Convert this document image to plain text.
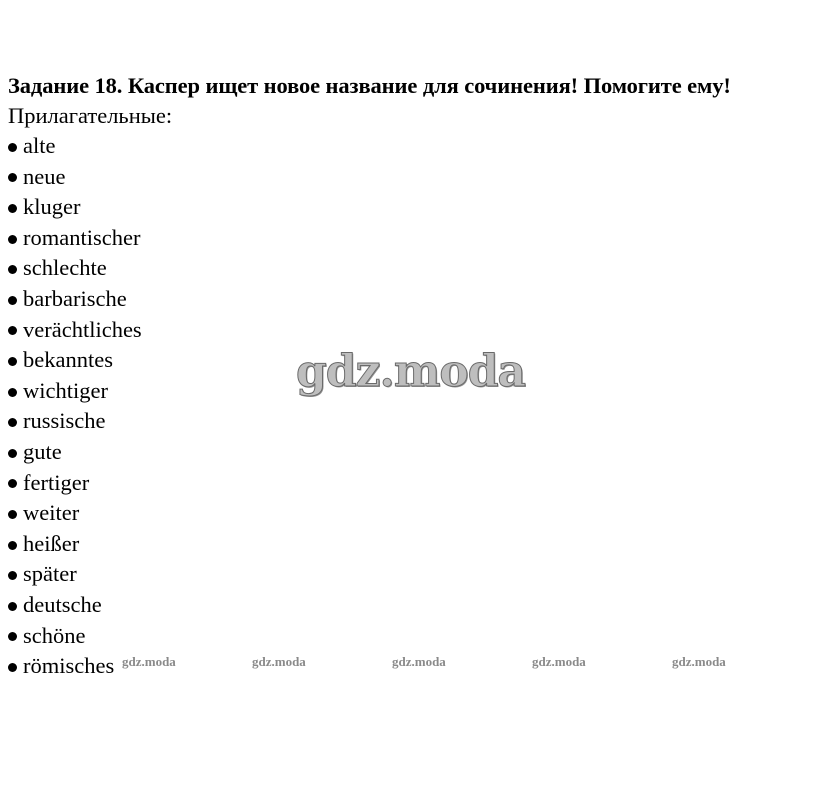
Задание 18. Каспер ищет новое название для сочинения! Помогите ему!

Прилагательные:

alte
neue
kluger
romantischer
schlechte
barbarische
verächtliches
bekanntes
wichtiger
russische
gute
fertiger
weiter
heißer
später
deutsche
schöne
römisches
gdz.moda
gdz.moda	gdz.moda	gdz.moda	gdz.moda	gdz.moda
